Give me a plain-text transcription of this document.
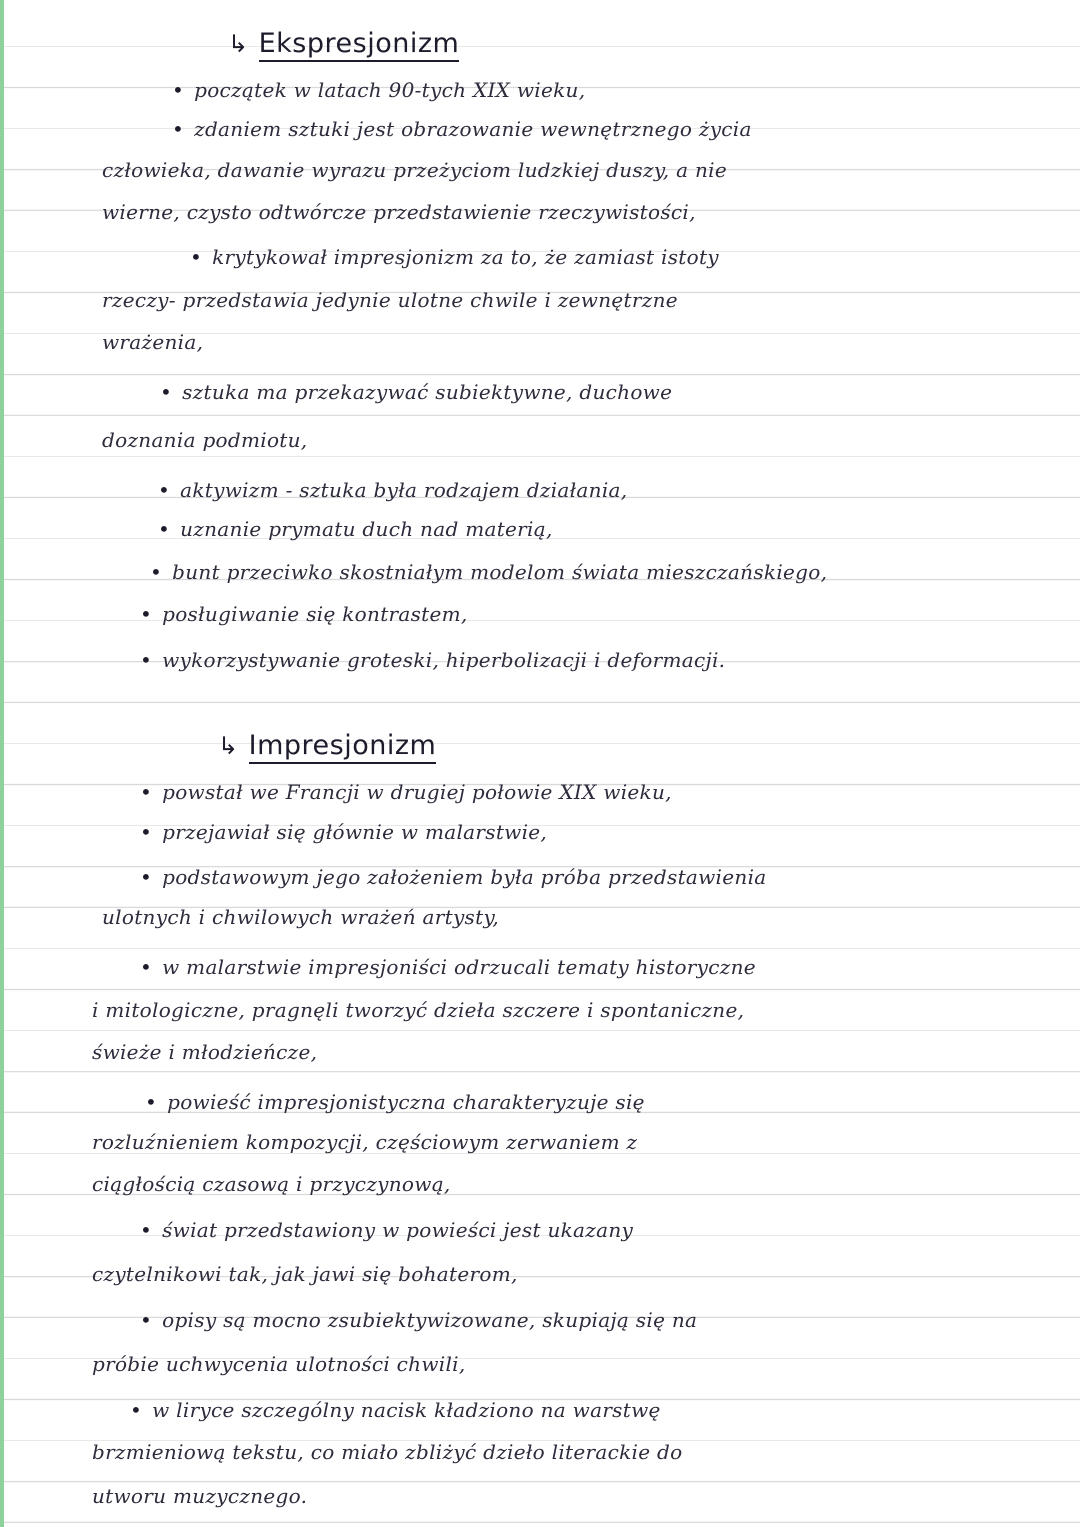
↳ Ekspresjonizm
• początek w latach 90-tych XIX wieku,
• zdaniem sztuki jest obrazowanie wewnętrznego życia
człowieka, dawanie wyrazu przeżyciom ludzkiej duszy, a nie
wierne, czysto odtwórcze przedstawienie rzeczywistości,
• krytykował impresjonizm za to, że zamiast istoty
rzeczy- przedstawia jedynie ulotne chwile i zewnętrzne
wrażenia,
• sztuka ma przekazywać subiektywne, duchowe
doznania podmiotu,
• aktywizm - sztuka była rodzajem działania,
• uznanie prymatu duch nad materią,
• bunt przeciwko skostniałym modelom świata mieszczańskiego,
• posługiwanie się kontrastem,
• wykorzystywanie groteski, hiperbolizacji i deformacji.
↳ Impresjonizm
• powstał we Francji w drugiej połowie XIX wieku,
• przejawiał się głównie w malarstwie,
• podstawowym jego założeniem była próba przedstawienia
ulotnych i chwilowych wrażeń artysty,
• w malarstwie impresjoniści odrzucali tematy historyczne
i mitologiczne, pragnęli tworzyć dzieła szczere i spontaniczne,
świeże i młodzieńcze,
• powieść impresjonistyczna charakteryzuje się
rozluźnieniem kompozycji, częściowym zerwaniem z
ciągłością czasową i przyczynową,
• świat przedstawiony w powieści jest ukazany
czytelnikowi tak, jak jawi się bohaterom,
• opisy są mocno zsubiektywizowane, skupiają się na
próbie uchwycenia ulotności chwili,
• w liryce szczególny nacisk kładziono na warstwę
brzmieniową tekstu, co miało zbliżyć dzieło literackie do
utworu muzycznego.
